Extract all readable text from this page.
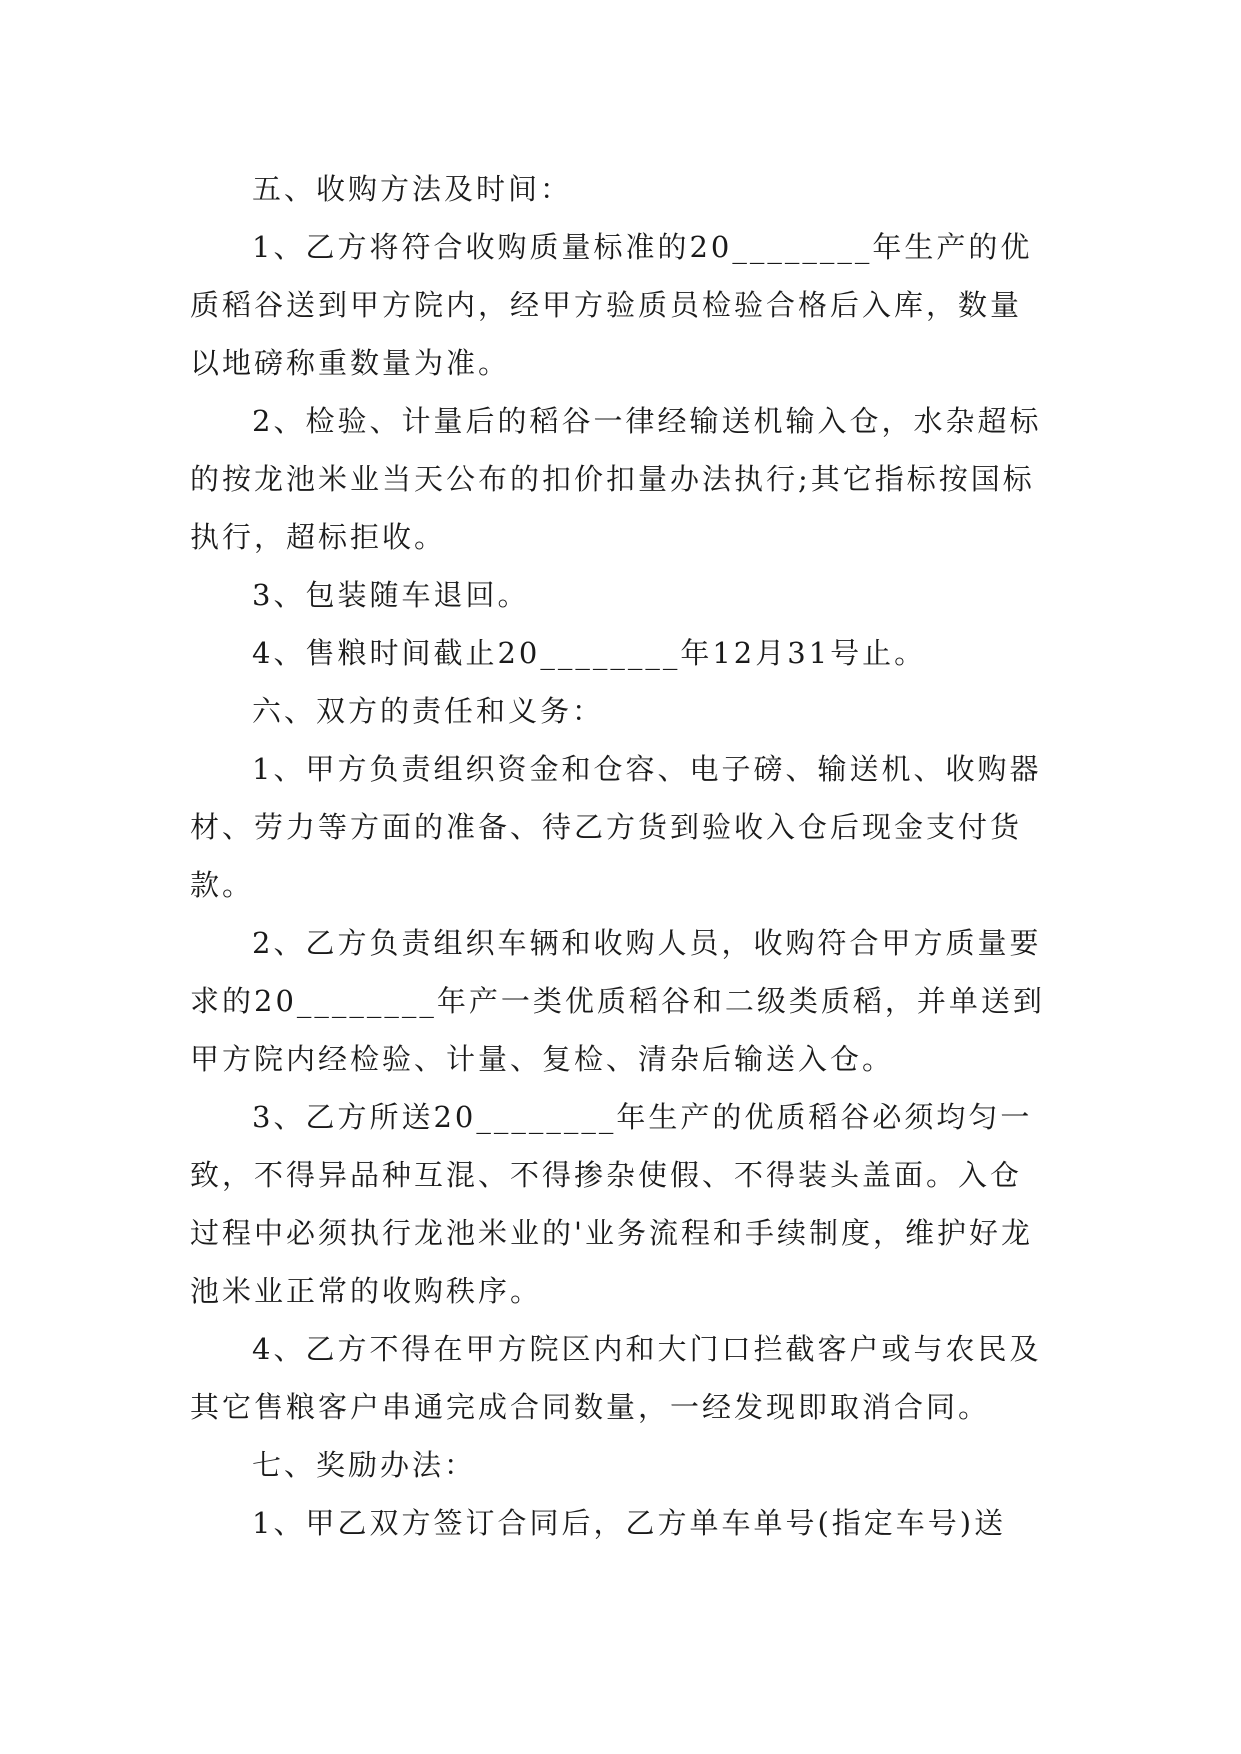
五、收购方法及时间：

1、乙方将符合收购质量标准的20________年生产的优质稻谷送到甲方院内，经甲方验质员检验合格后入库，数量以地磅称重数量为准。

2、检验、计量后的稻谷一律经输送机输入仓，水杂超标的按龙池米业当天公布的扣价扣量办法执行;其它指标按国标执行，超标拒收。

3、包装随车退回。

4、售粮时间截止20________年12月31号止。

六、双方的责任和义务：

1、甲方负责组织资金和仓容、电子磅、输送机、收购器材、劳力等方面的准备、待乙方货到验收入仓后现金支付货款。

2、乙方负责组织车辆和收购人员，收购符合甲方质量要求的20________年产一类优质稻谷和二级类质稻，并单送到甲方院内经检验、计量、复检、清杂后输送入仓。

3、乙方所送20________年生产的优质稻谷必须均匀一致，不得异品种互混、不得掺杂使假、不得装头盖面。入仓过程中必须执行龙池米业的'业务流程和手续制度，维护好龙池米业正常的收购秩序。

4、乙方不得在甲方院区内和大门口拦截客户或与农民及其它售粮客户串通完成合同数量，一经发现即取消合同。

七、奖励办法：

1、甲乙双方签订合同后，乙方单车单号(指定车号)送
